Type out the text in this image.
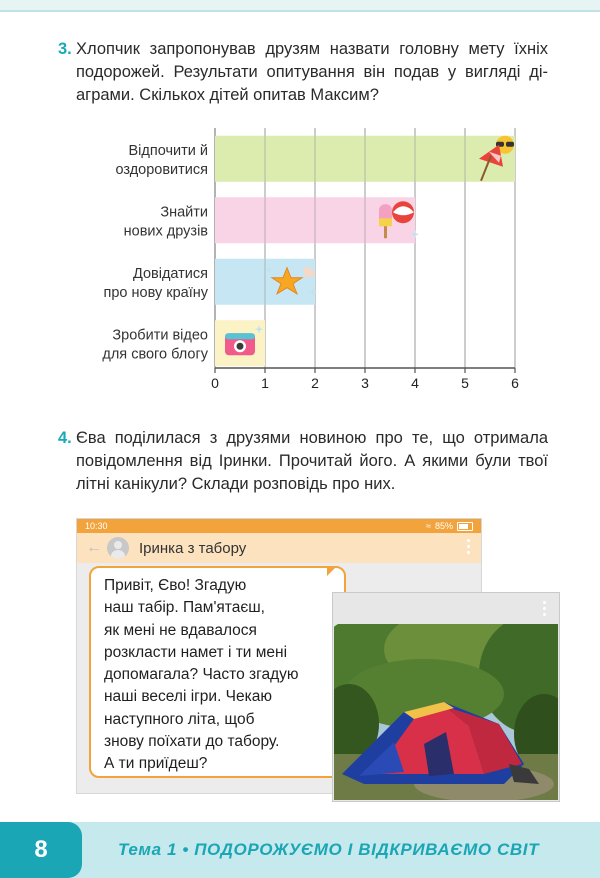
3. Хлопчик запропонував друзям назвати головну мету їхніх подорожей. Результати опитування він подав у вигляді ді- аграми. Скількох дітей опитав Максим?
Відпочити й оздоровитися
Знайти нових друзів
Довідатися про нову країну
Зробити відео для свого блогу
0	1	2	3	4	5	6
4. Єва поділилася з друзями новиною про те, що отримала повідомлення від Іринки. Прочитай його. А якими були твої літні канікули? Склади розповідь про них.
10:30	≈ 85%
← Іринка з табору
Привіт, Єво! Згадую
наш табір. Пам'ятаєш,
як мені не вдавалося
розкласти намет і ти мені
допомагала? Часто згадую
наші веселі ігри. Чекаю
наступного літа, щоб
знову поїхати до табору.
А ти приїдеш?
8	Тема 1 • ПОДОРОЖУЄМО І ВІДКРИВАЄМО СВІТ
